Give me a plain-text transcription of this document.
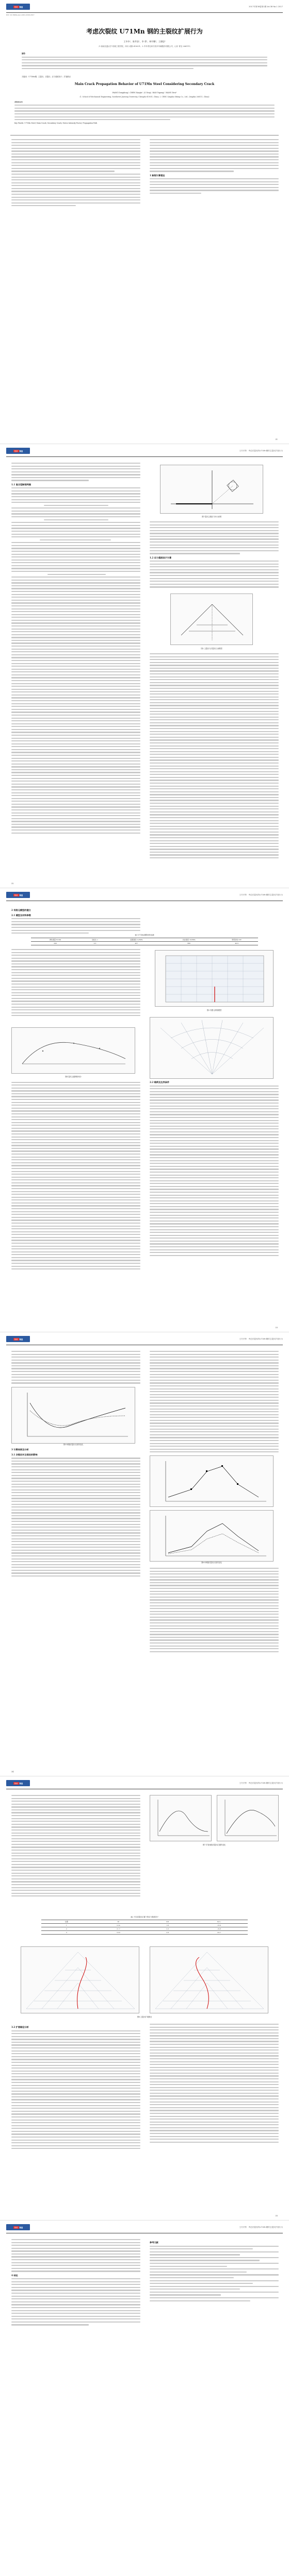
特种 铸造	2017年第38卷第1期 Vol.38 No.1 2017
DOI: 10.3969/j.issn.1001-2249.2017
考虑次裂纹 U71Mn 钢的主裂纹扩展行为
王冬冬¹，陈孝金¹，李 勇¹，韩宇鹏²，王德思²
（1.西南交通大学 机械工程学院，四川 成都 610031；2.中车青岛四方机车车辆股份有限公司，山东 青岛 266111）
摘要：
关键词：U71Mn钢；主裂纹；次裂纹；应力强度因子；扩展路径
Main Crack Propagation Behavior of U71Mn Steel Considering Secondary Crack
WANG Dongdong¹, CHEN Xiaojin¹, LI Yong¹, HAN Yupeng², WANG Desi²
(1. School of Mechanical Engineering, Southwest Jiaotong University, Chengdu 610031, China; 2. CRRC Qingdao Sifang Co., Ltd., Qingdao 266111, China)
Abstract:
Key Words: U71Mn Steel; Main Crack; Secondary Crack; Stress Intensity Factor; Propagation Path
1 断裂计算理论
31
特种 铸造	王冬冬等：考虑次裂纹的U71Mn钢的主裂纹扩展行为
1.1 复合型断裂判据
图1 裂纹尖端应力场示意图
1.2 应力强度因子计算
图2 主裂纹与次裂纹几何模型
32
特种 铸造	王冬冬等：考虑次裂纹的U71Mn钢的主裂纹扩展行为
2 有限元模型的建立
2.1 模型及材料参数
表1 U71Mn钢的材料参数
弹性模量 E/GPa	泊松比 ν	屈服强度 σs/MPa	抗拉强度 σb/MPa	断裂韧性 KIC
206	0.3	457	880	40.6
图3 有限元网格模型
图4 裂纹尖端网格划分
2.2 载荷及边界条件
33
特种 铸造	王冬冬等：考虑次裂纹的U71Mn钢的主裂纹扩展行为
图5 KI随次裂纹长度的变化
3 计算结果及分析
3.1 次裂纹对主裂纹的影响
图6 KII随次裂纹长度的变化
34
特种 铸造	王冬冬等：考虑次裂纹的U71Mn钢的主裂纹扩展行为
图7 扩展角随次裂纹位置的变化
表2 不同次裂纹位置下的应力强度因子
位置	KI	KII	θ/(°)
1	12.4	1.8	-15.6
2	11.7	2.3	-19.8
3	10.9	2.9	-24.1
图8 主裂纹扩展路径
3.2 扩展路径分析
35
特种 铸造	王冬冬等：考虑次裂纹的U71Mn钢的主裂纹扩展行为
4 结论
参考文献
